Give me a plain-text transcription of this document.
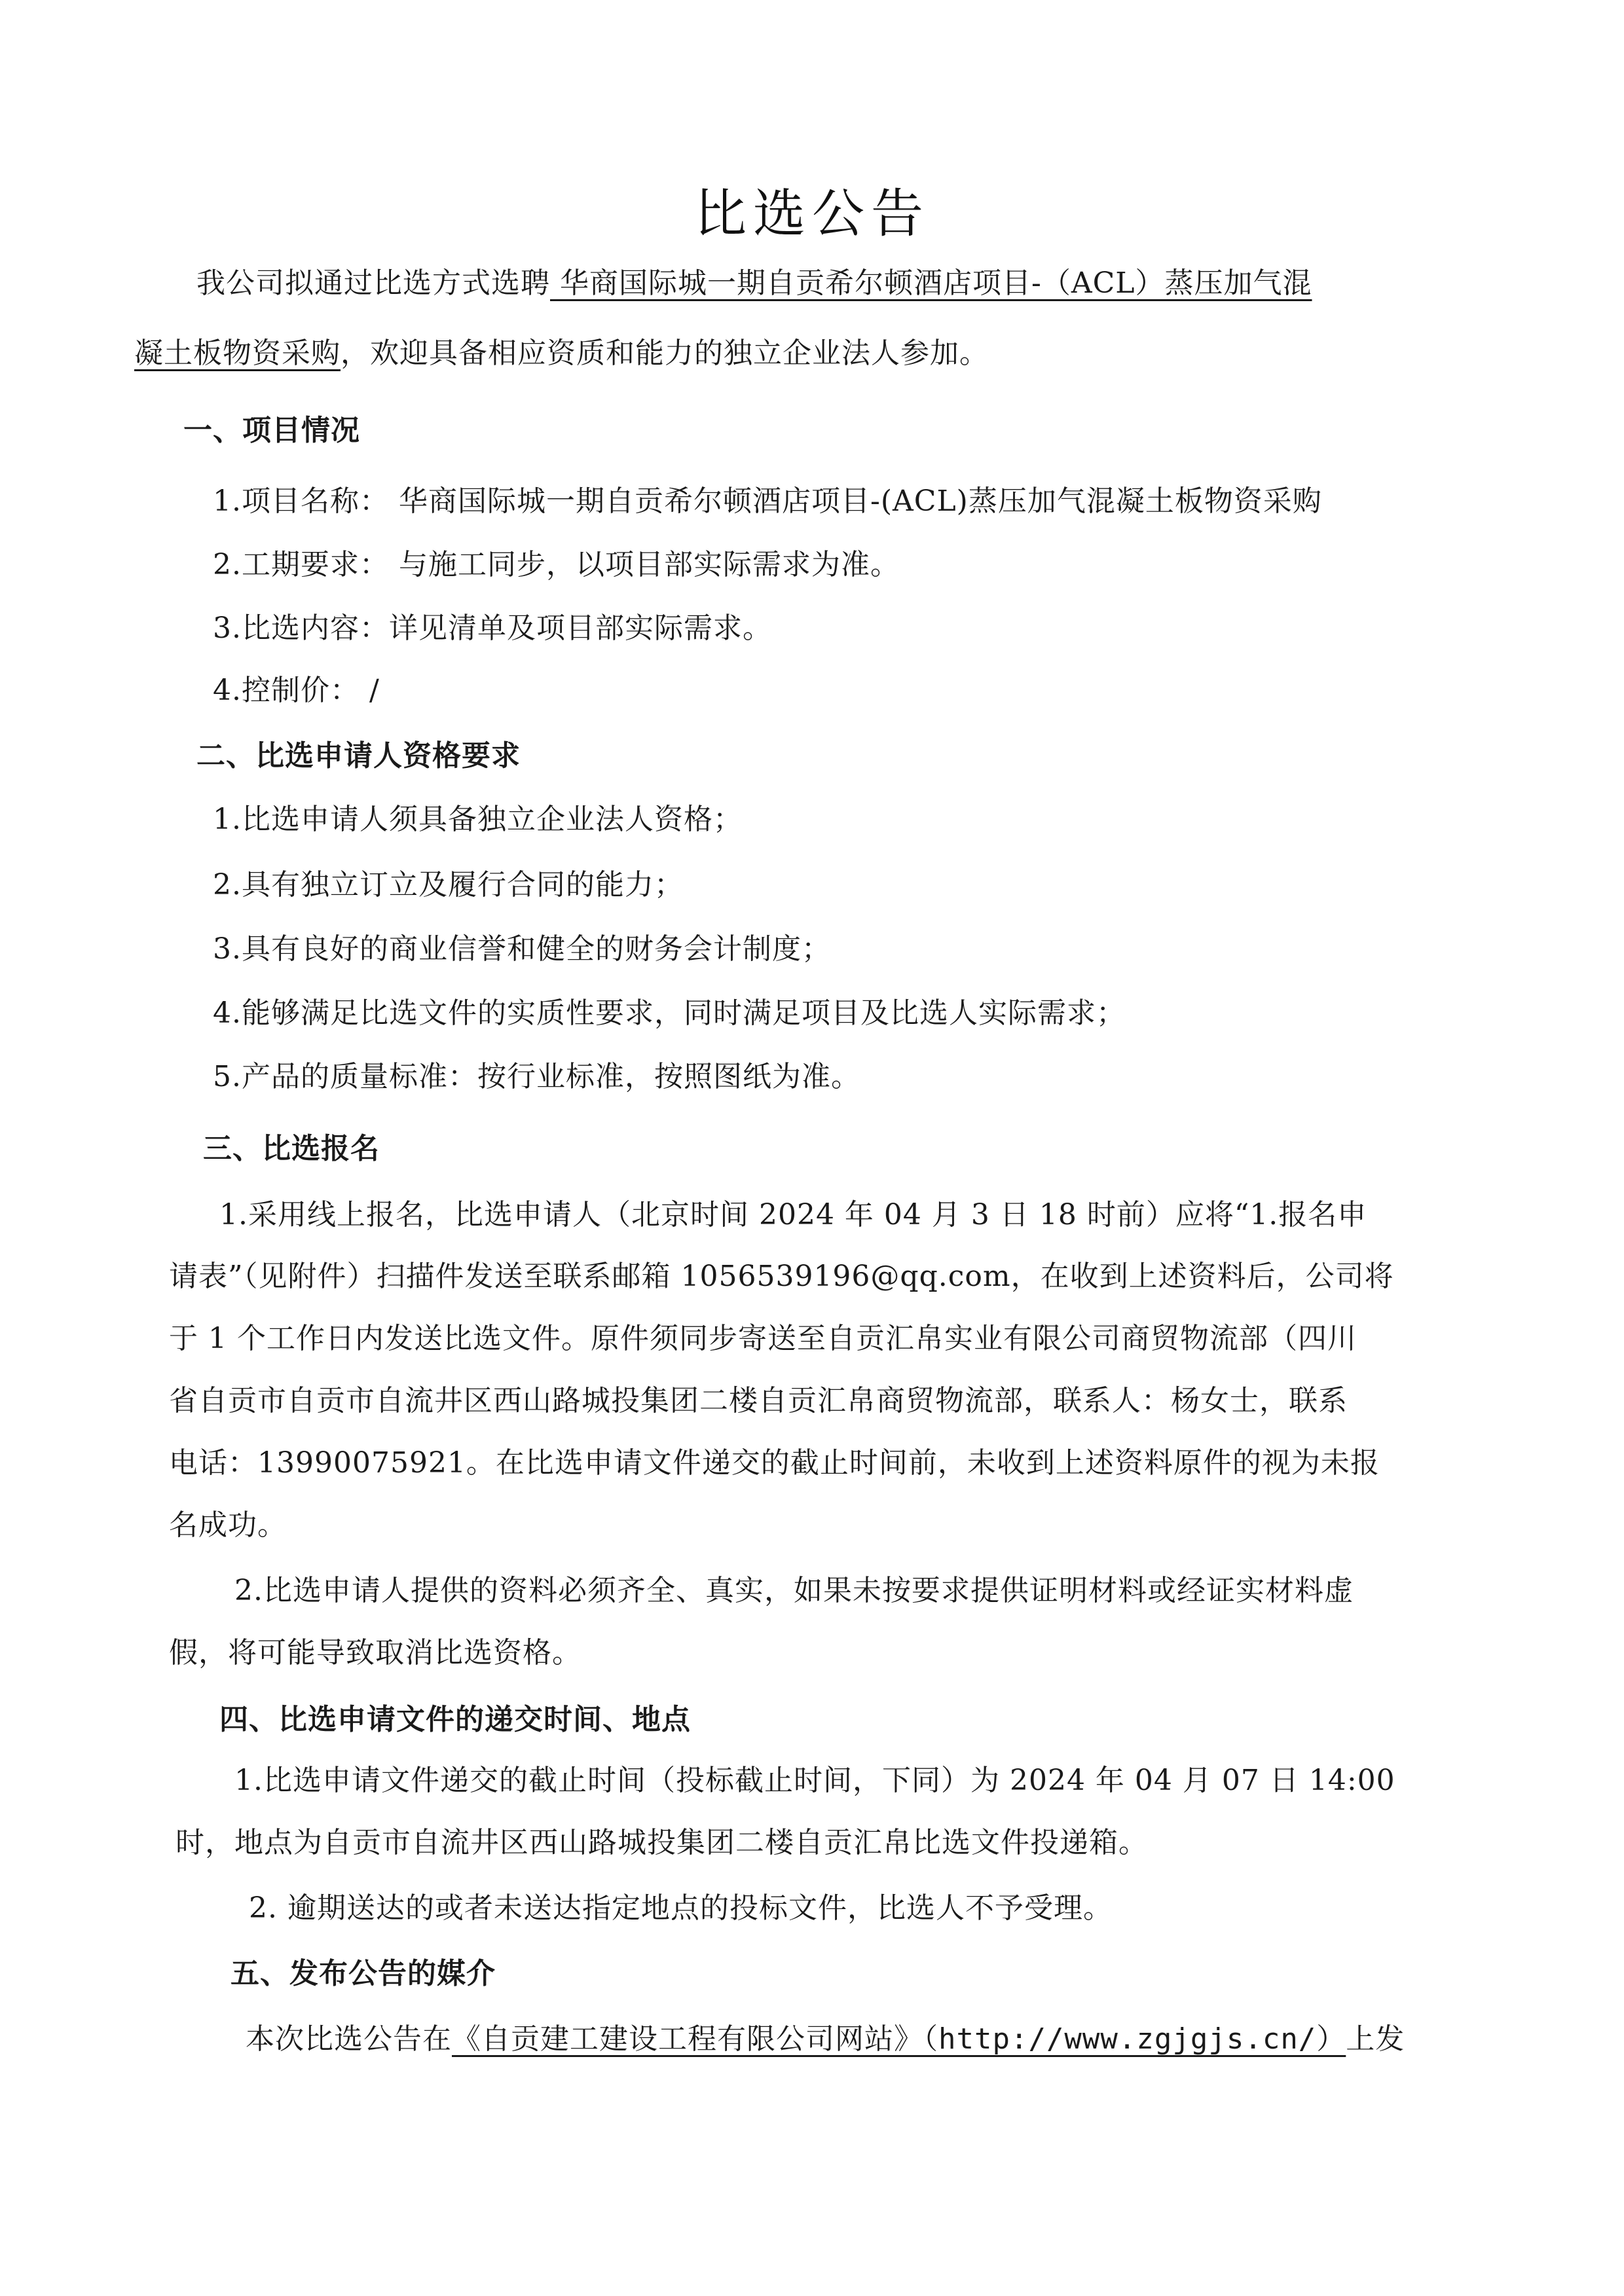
比选公告
我公司拟通过比选方式选聘 华商国际城一期自贡希尔顿酒店项目-（ACL）蒸压加气混
凝土板物资采购，欢迎具备相应资质和能力的独立企业法人参加。
一、项目情况
1.项目名称： 华商国际城一期自贡希尔顿酒店项目-(ACL)蒸压加气混凝土板物资采购
2.工期要求： 与施工同步，以项目部实际需求为准。
3.比选内容：详见清单及项目部实际需求。
4.控制价： /
二、比选申请人资格要求
1.比选申请人须具备独立企业法人资格；
2.具有独立订立及履行合同的能力；
3.具有良好的商业信誉和健全的财务会计制度；
4.能够满足比选文件的实质性要求，同时满足项目及比选人实际需求；
5.产品的质量标准：按行业标准，按照图纸为准。
三、比选报名
1.采用线上报名，比选申请人（北京时间 2024 年 04 月 3 日 18 时前）应将“1.报名申
请表”（见附件）扫描件发送至联系邮箱 1056539196@qq.com，在收到上述资料后，公司将
于 1 个工作日内发送比选文件。原件须同步寄送至自贡汇帛实业有限公司商贸物流部（四川
省自贡市自贡市自流井区西山路城投集团二楼自贡汇帛商贸物流部，联系人：杨女士，联系
电话：13990075921。在比选申请文件递交的截止时间前，未收到上述资料原件的视为未报
名成功。
2.比选申请人提供的资料必须齐全、真实，如果未按要求提供证明材料或经证实材料虚
假，将可能导致取消比选资格。
四、比选申请文件的递交时间、地点
1.比选申请文件递交的截止时间（投标截止时间，下同）为 2024 年 04 月 07 日 14:00
时，地点为自贡市自流井区西山路城投集团二楼自贡汇帛比选文件投递箱。
2. 逾期送达的或者未送达指定地点的投标文件，比选人不予受理。
五、发布公告的媒介
本次比选公告在《自贡建工建设工程有限公司网站》（http://www.zgjgjs.cn/）上发
